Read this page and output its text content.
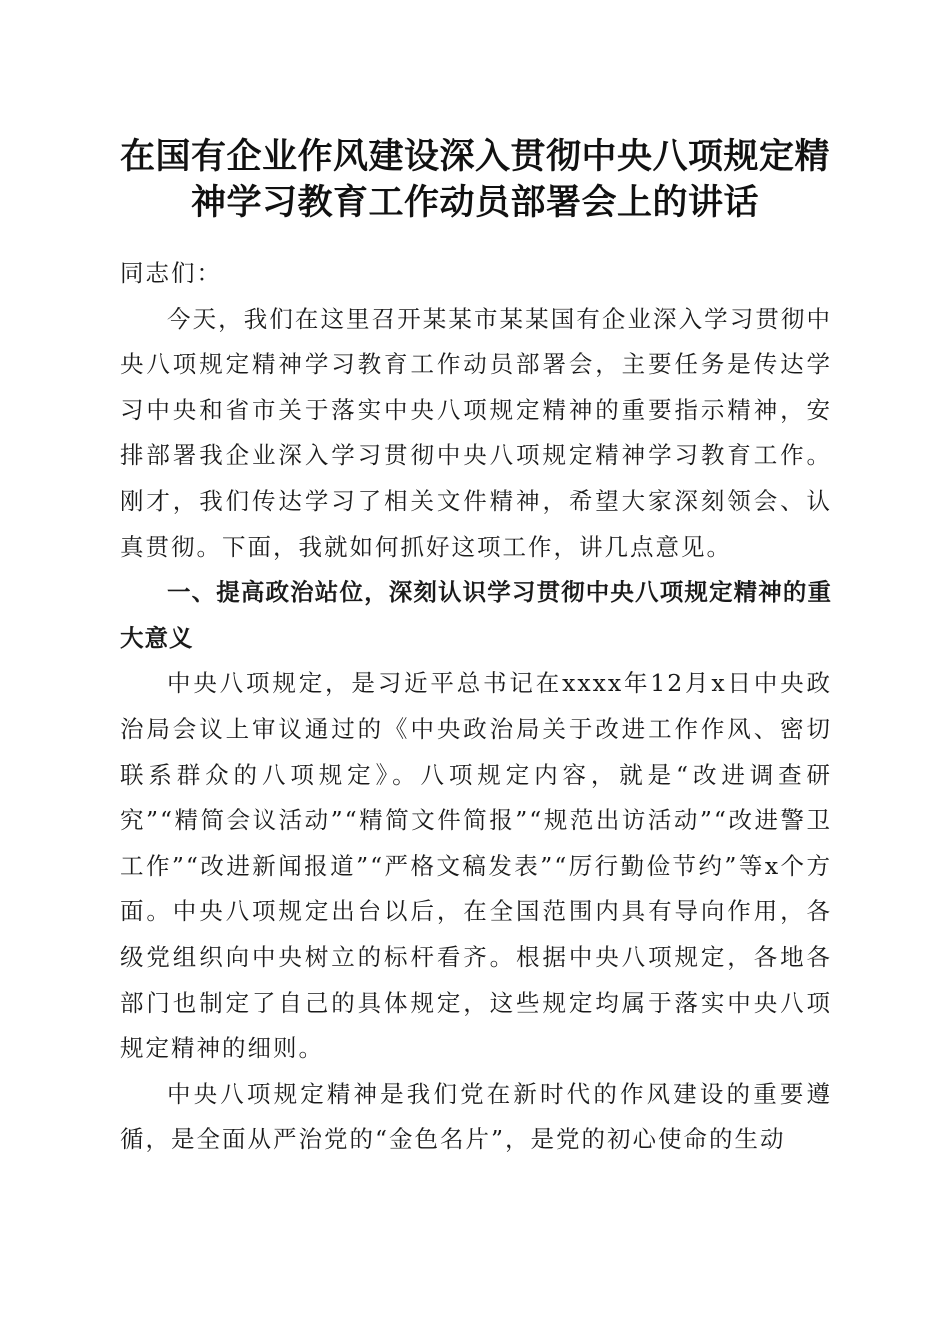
在国有企业作风建设深入贯彻中央八项规定精
神学习教育工作动员部署会上的讲话

同志们：

今天，我们在这里召开某某市某某国有企业深入学习贯彻中央八项规定精神学习教育工作动员部署会，主要任务是传达学习中央和省市关于落实中央八项规定精神的重要指示精神，安排部署我企业深入学习贯彻中央八项规定精神学习教育工作。刚才，我们传达学习了相关文件精神，希望大家深刻领会、认真贯彻。下面，我就如何抓好这项工作，讲几点意见。

一、提高政治站位，深刻认识学习贯彻中央八项规定精神的重大意义

中央八项规定，是习近平总书记在xxxx年12月x日中央政治局会议上审议通过的《中央政治局关于改进工作作风、密切联系群众的八项规定》。八项规定内容，就是“改进调查研究”“精简会议活动”“精简文件简报”“规范出访活动”“改进警卫工作”“改进新闻报道”“严格文稿发表”“厉行勤俭节约”等x个方面。中央八项规定出台以后，在全国范围内具有导向作用，各级党组织向中央树立的标杆看齐。根据中央八项规定，各地各部门也制定了自己的具体规定，这些规定均属于落实中央八项规定精神的细则。

中央八项规定精神是我们党在新时代的作风建设的重要遵循，是全面从严治党的“金色名片”，是党的初心使命的生动
